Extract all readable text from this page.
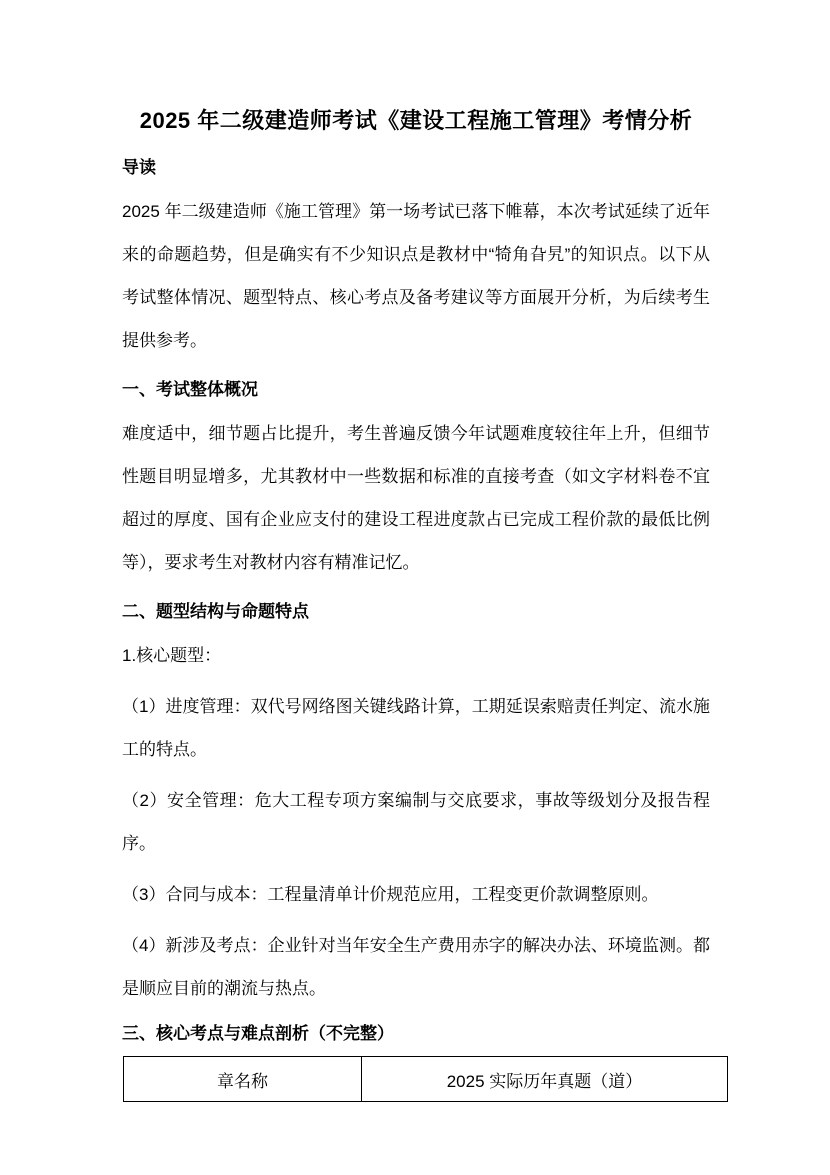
2025 年二级建造师考试《建设工程施工管理》考情分析
导读

2025 年二级建造师《施工管理》第一场考试已落下帷幕，本次考试延续了近年来的命题趋势，但是确实有不少知识点是教材中“犄角旮旯”的知识点。以下从考试整体情况、题型特点、核心考点及备考建议等方面展开分析，为后续考生提供参考。

一、考试整体概况

难度适中，细节题占比提升，考生普遍反馈今年试题难度较往年上升，但细节性题目明显增多，尤其教材中一些数据和标准的直接考查（如文字材料卷不宜超过的厚度、国有企业应支付的建设工程进度款占已完成工程价款的最低比例等），要求考生对教材内容有精准记忆。

二、题型结构与命题特点

1.核心题型：

（1）进度管理：双代号网络图关键线路计算，工期延误索赔责任判定、流水施工的特点。

（2）安全管理：危大工程专项方案编制与交底要求，事故等级划分及报告程序。

（3）合同与成本：工程量清单计价规范应用，工程变更价款调整原则。

（4）新涉及考点：企业针对当年安全生产费用赤字的解决办法、环境监测。都是顺应目前的潮流与热点。

三、核心考点与难点剖析（不完整）
章名称	2025 实际历年真题（道）
